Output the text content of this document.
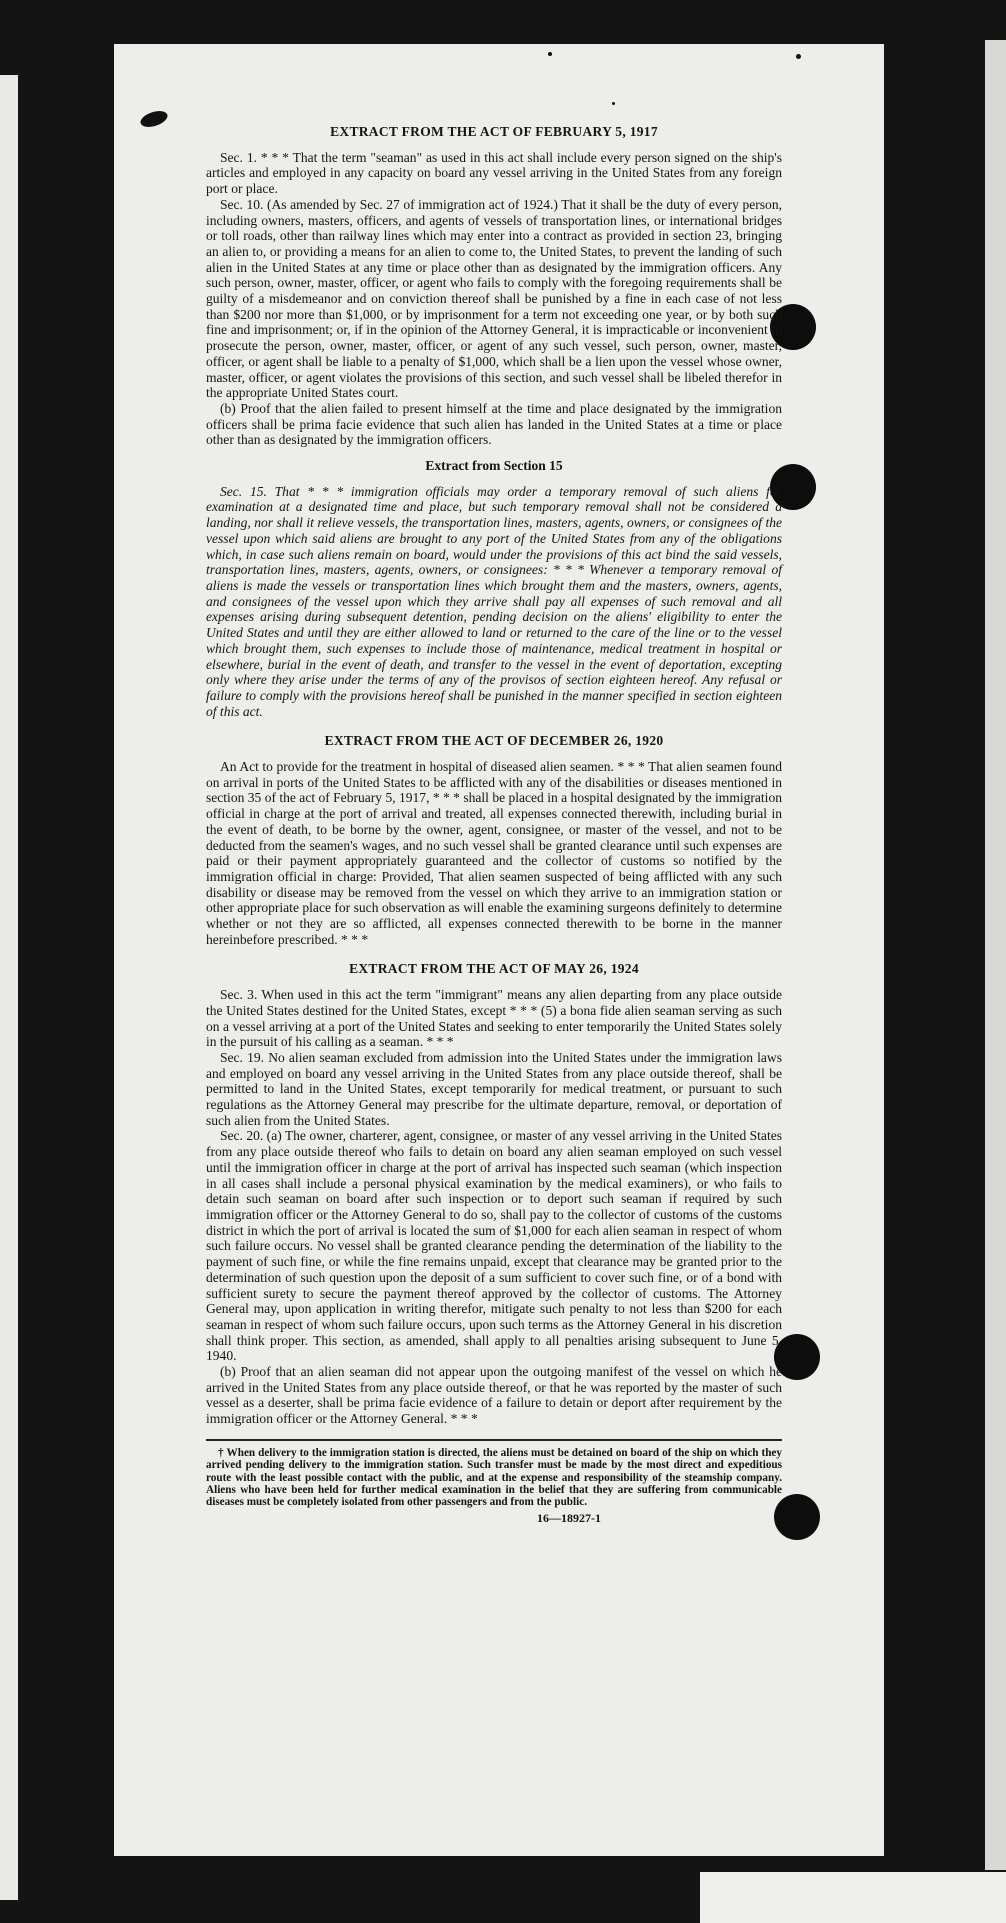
EXTRACT FROM THE ACT OF FEBRUARY 5, 1917

Sec. 1. * * * That the term "seaman" as used in this act shall include every person signed on the ship's articles and employed in any capacity on board any vessel arriving in the United States from any foreign port or place.

Sec. 10. (As amended by Sec. 27 of immigration act of 1924.) That it shall be the duty of every person, including owners, masters, officers, and agents of vessels of transportation lines, or international bridges or toll roads, other than railway lines which may enter into a contract as provided in section 23, bringing an alien to, or providing a means for an alien to come to, the United States, to prevent the landing of such alien in the United States at any time or place other than as designated by the immigration officers. Any such person, owner, master, officer, or agent who fails to comply with the foregoing requirements shall be guilty of a misdemeanor and on conviction thereof shall be punished by a fine in each case of not less than $200 nor more than $1,000, or by imprisonment for a term not exceeding one year, or by both such fine and imprisonment; or, if in the opinion of the Attorney General, it is impracticable or inconvenient to prosecute the person, owner, master, officer, or agent of any such vessel, such person, owner, master, officer, or agent shall be liable to a penalty of $1,000, which shall be a lien upon the vessel whose owner, master, officer, or agent violates the provisions of this section, and such vessel shall be libeled therefor in the appropriate United States court.

(b) Proof that the alien failed to present himself at the time and place designated by the immigration officers shall be prima facie evidence that such alien has landed in the United States at a time or place other than as designated by the immigration officers.

Extract from Section 15

Sec. 15. That * * * immigration officials may order a temporary removal of such aliens for examination at a designated time and place, but such temporary removal shall not be considered a landing, nor shall it relieve vessels, the transportation lines, masters, agents, owners, or consignees of the vessel upon which said aliens are brought to any port of the United States from any of the obligations which, in case such aliens remain on board, would under the provisions of this act bind the said vessels, transportation lines, masters, agents, owners, or consignees: * * * Whenever a temporary removal of aliens is made the vessels or transportation lines which brought them and the masters, owners, agents, and consignees of the vessel upon which they arrive shall pay all expenses of such removal and all expenses arising during subsequent detention, pending decision on the aliens' eligibility to enter the United States and until they are either allowed to land or returned to the care of the line or to the vessel which brought them, such expenses to include those of maintenance, medical treatment in hospital or elsewhere, burial in the event of death, and transfer to the vessel in the event of deportation, excepting only where they arise under the terms of any of the provisos of section eighteen hereof. Any refusal or failure to comply with the provisions hereof shall be punished in the manner specified in section eighteen of this act.

EXTRACT FROM THE ACT OF DECEMBER 26, 1920

An Act to provide for the treatment in hospital of diseased alien seamen. * * * That alien seamen found on arrival in ports of the United States to be afflicted with any of the disabilities or diseases mentioned in section 35 of the act of February 5, 1917, * * * shall be placed in a hospital designated by the immigration official in charge at the port of arrival and treated, all expenses connected therewith, including burial in the event of death, to be borne by the owner, agent, consignee, or master of the vessel, and not to be deducted from the seamen's wages, and no such vessel shall be granted clearance until such expenses are paid or their payment appropriately guaranteed and the collector of customs so notified by the immigration official in charge: Provided, That alien seamen suspected of being afflicted with any such disability or disease may be removed from the vessel on which they arrive to an immigration station or other appropriate place for such observation as will enable the examining surgeons definitely to determine whether or not they are so afflicted, all expenses connected therewith to be borne in the manner hereinbefore prescribed. * * *

EXTRACT FROM THE ACT OF MAY 26, 1924

Sec. 3. When used in this act the term "immigrant" means any alien departing from any place outside the United States destined for the United States, except * * * (5) a bona fide alien seaman serving as such on a vessel arriving at a port of the United States and seeking to enter temporarily the United States solely in the pursuit of his calling as a seaman. * * *

Sec. 19. No alien seaman excluded from admission into the United States under the immigration laws and employed on board any vessel arriving in the United States from any place outside thereof, shall be permitted to land in the United States, except temporarily for medical treatment, or pursuant to such regulations as the Attorney General may prescribe for the ultimate departure, removal, or deportation of such alien from the United States.

Sec. 20. (a) The owner, charterer, agent, consignee, or master of any vessel arriving in the United States from any place outside thereof who fails to detain on board any alien seaman employed on such vessel until the immigration officer in charge at the port of arrival has inspected such seaman (which inspection in all cases shall include a personal physical examination by the medical examiners), or who fails to detain such seaman on board after such inspection or to deport such seaman if required by such immigration officer or the Attorney General to do so, shall pay to the collector of customs of the customs district in which the port of arrival is located the sum of $1,000 for each alien seaman in respect of whom such failure occurs. No vessel shall be granted clearance pending the determination of the liability to the payment of such fine, or while the fine remains unpaid, except that clearance may be granted prior to the determination of such question upon the deposit of a sum sufficient to cover such fine, or of a bond with sufficient surety to secure the payment thereof approved by the collector of customs. The Attorney General may, upon application in writing therefor, mitigate such penalty to not less than $200 for each seaman in respect of whom such failure occurs, upon such terms as the Attorney General in his discretion shall think proper. This section, as amended, shall apply to all penalties arising subsequent to June 5, 1940.

(b) Proof that an alien seaman did not appear upon the outgoing manifest of the vessel on which he arrived in the United States from any place outside thereof, or that he was reported by the master of such vessel as a deserter, shall be prima facie evidence of a failure to detain or deport after requirement by the immigration officer or the Attorney General. * * *

† When delivery to the immigration station is directed, the aliens must be detained on board of the ship on which they arrived pending delivery to the immigration station. Such transfer must be made by the most direct and expeditious route with the least possible contact with the public, and at the expense and responsibility of the steamship company. Aliens who have been held for further medical examination in the belief that they are suffering from communicable diseases must be completely isolated from other passengers and from the public.

16—18927-1
